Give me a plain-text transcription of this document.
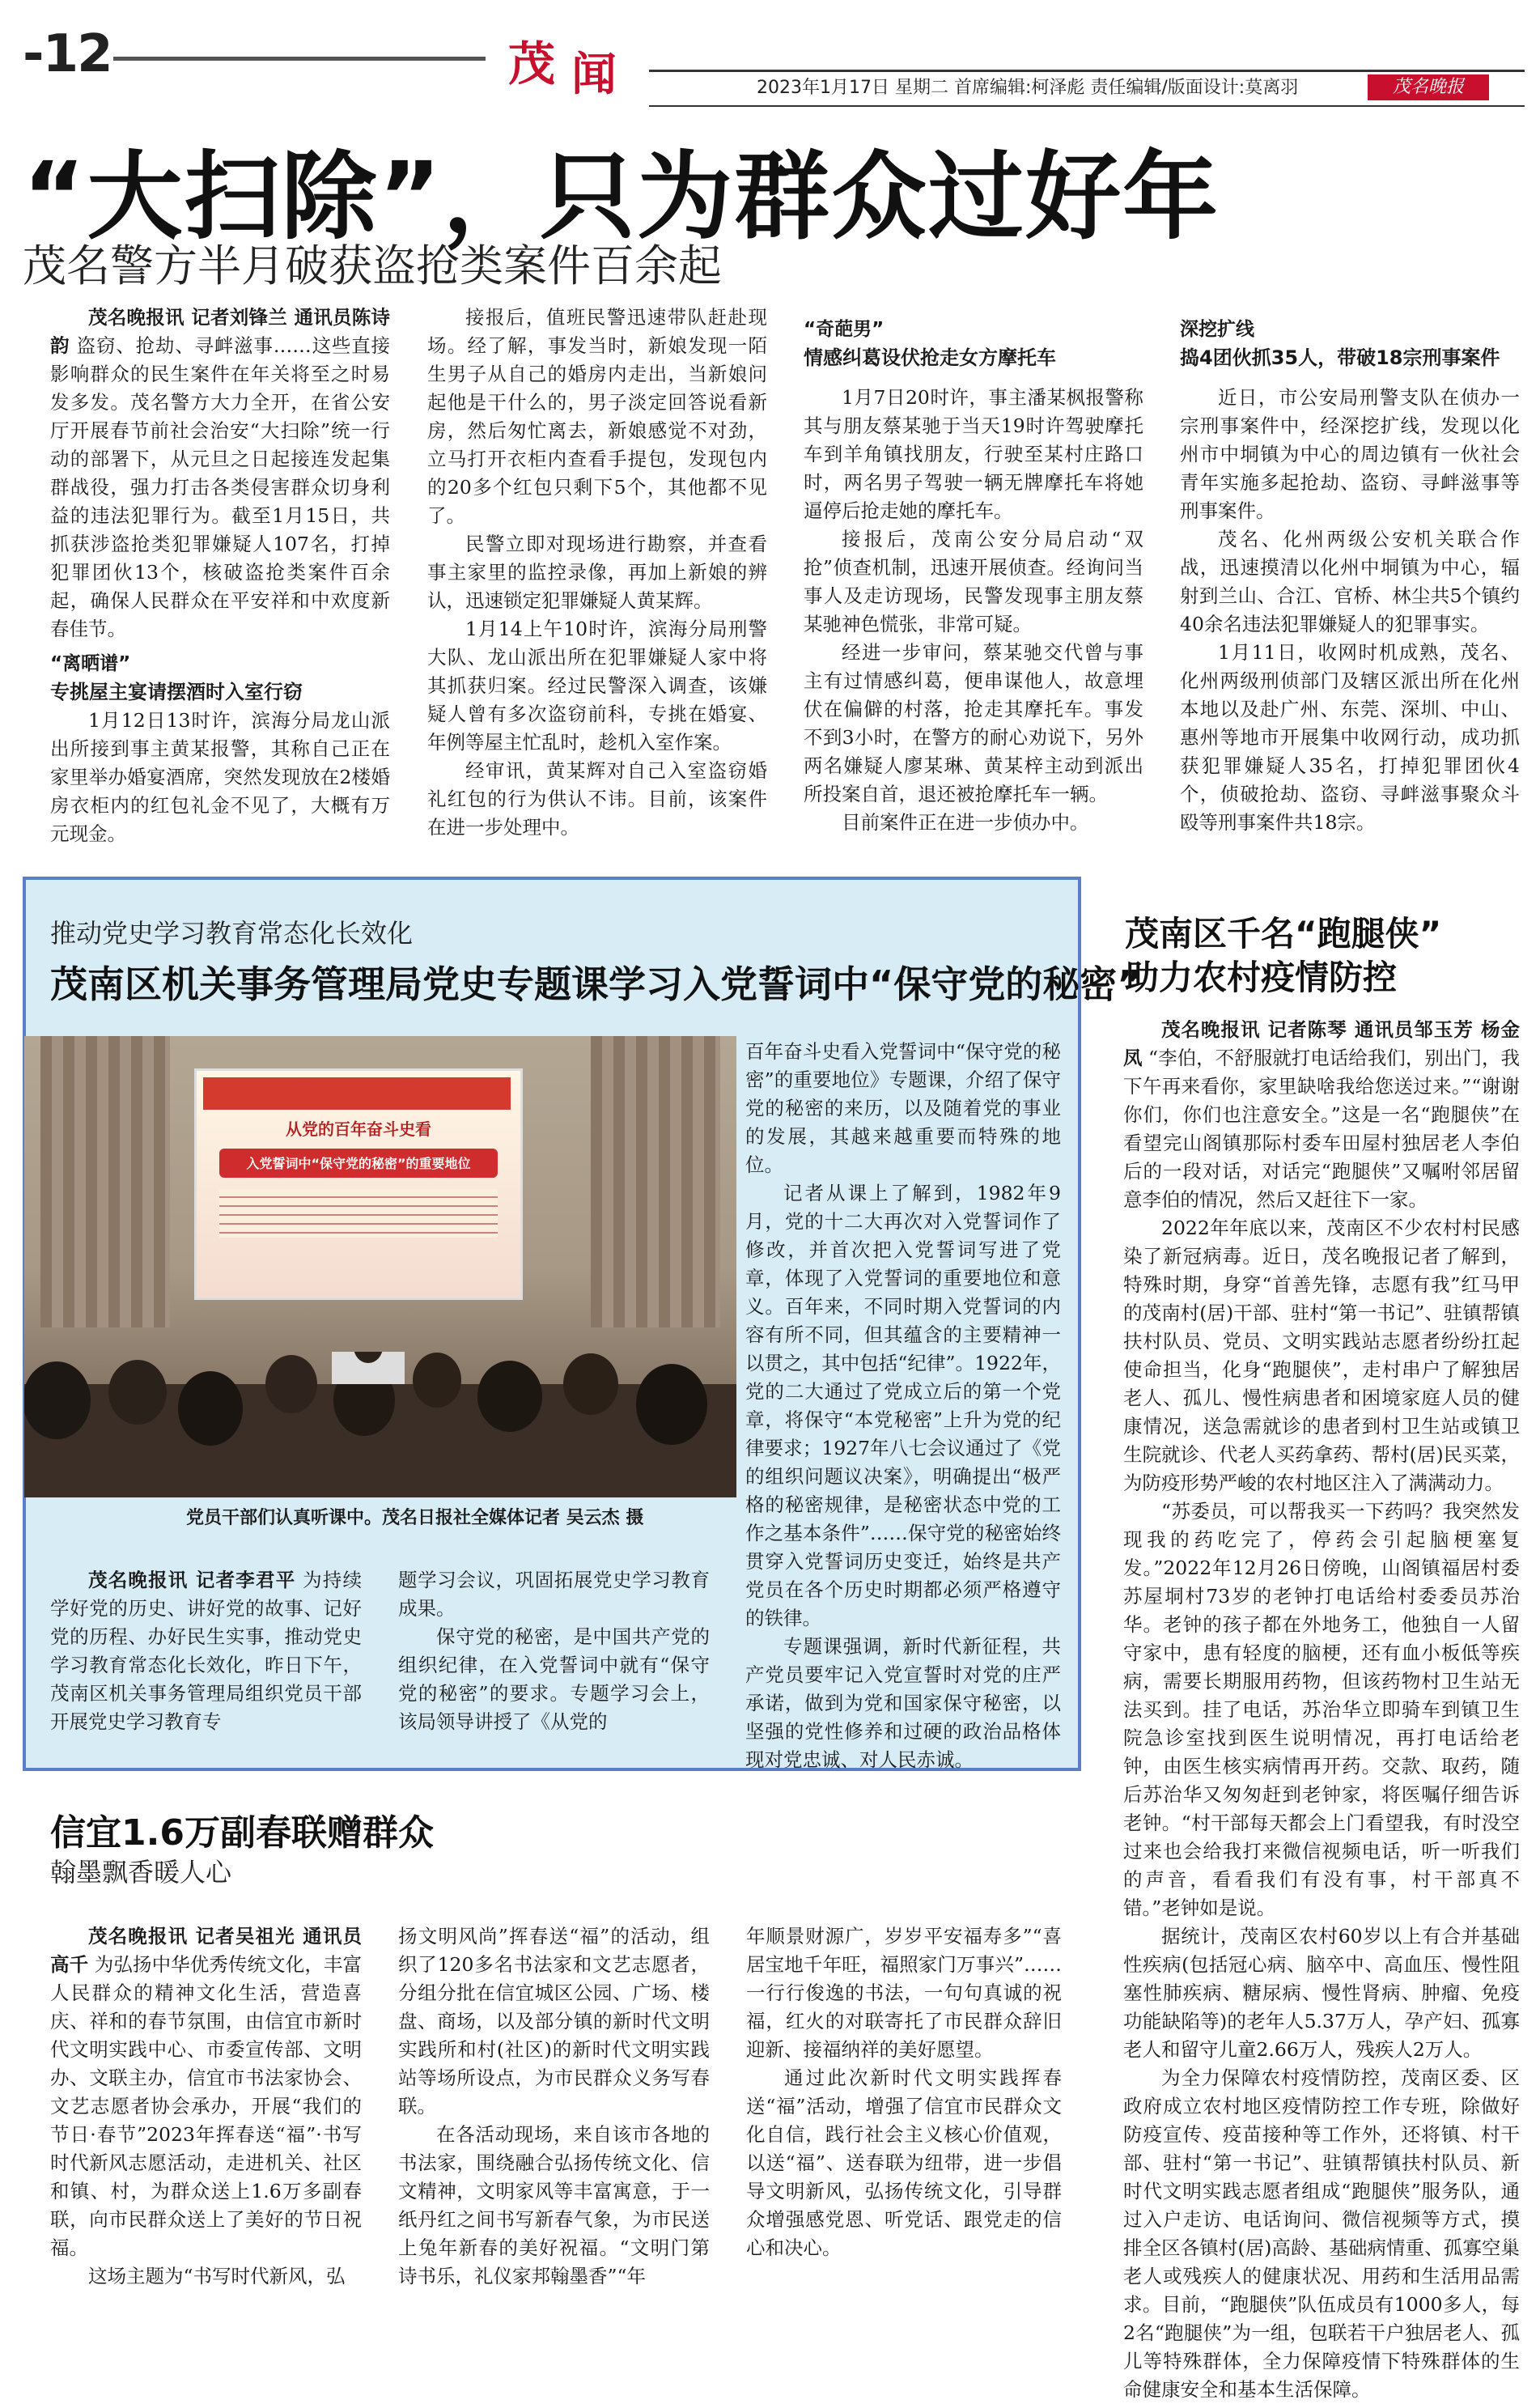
-12	茂 闻	2023年1月17日 星期二 首席编辑:柯泽彪 责任编辑/版面设计:莫离羽	茂名晚报
“大扫除”，只为群众过好年
茂名警方半月破获盗抢类案件百余起

茂名晚报讯 记者刘锋兰 通讯员陈诗韵 盗窃、抢劫、寻衅滋事……这些直接影响群众的民生案件在年关将至之时易发多发。茂名警方大力全开，在省公安厅开展春节前社会治安“大扫除”统一行动的部署下，从元旦之日起接连发起集群战役，强力打击各类侵害群众切身利益的违法犯罪行为。截至1月15日，共抓获涉盗抢类犯罪嫌疑人107名，打掉犯罪团伙13个，核破盗抢类案件百余起，确保人民群众在平安祥和中欢度新春佳节。

“离晒谱”

专挑屋主宴请摆酒时入室行窃

1月12日13时许，滨海分局龙山派出所接到事主黄某报警，其称自己正在家里举办婚宴酒席，突然发现放在2楼婚房衣柜内的红包礼金不见了，大概有万元现金。

接报后，值班民警迅速带队赶赴现场。经了解，事发当时，新娘发现一陌生男子从自己的婚房内走出，当新娘问起他是干什么的，男子淡定回答说看新房，然后匆忙离去，新娘感觉不对劲，立马打开衣柜内查看手提包，发现包内的20多个红包只剩下5个，其他都不见了。

民警立即对现场进行勘察，并查看事主家里的监控录像，再加上新娘的辨认，迅速锁定犯罪嫌疑人黄某辉。

1月14上午10时许，滨海分局刑警大队、龙山派出所在犯罪嫌疑人家中将其抓获归案。经过民警深入调查，该嫌疑人曾有多次盗窃前科，专挑在婚宴、年例等屋主忙乱时，趁机入室作案。

经审讯，黄某辉对自己入室盗窃婚礼红包的行为供认不讳。目前，该案件在进一步处理中。

“奇葩男”

情感纠葛设伏抢走女方摩托车

1月7日20时许，事主潘某枫报警称其与朋友蔡某驰于当天19时许驾驶摩托车到羊角镇找朋友，行驶至某村庄路口时，两名男子驾驶一辆无牌摩托车将她逼停后抢走她的摩托车。

接报后，茂南公安分局启动“双抢”侦查机制，迅速开展侦查。经询问当事人及走访现场，民警发现事主朋友蔡某驰神色慌张，非常可疑。

经进一步审问，蔡某驰交代曾与事主有过情感纠葛，便串谋他人，故意埋伏在偏僻的村落，抢走其摩托车。事发不到3小时，在警方的耐心劝说下，另外两名嫌疑人廖某琳、黄某梓主动到派出所投案自首，退还被抢摩托车一辆。

目前案件正在进一步侦办中。

深挖扩线

捣4团伙抓35人，带破18宗刑事案件

近日，市公安局刑警支队在侦办一宗刑事案件中，经深挖扩线，发现以化州市中垌镇为中心的周边镇有一伙社会青年实施多起抢劫、盗窃、寻衅滋事等刑事案件。

茂名、化州两级公安机关联合作战，迅速摸清以化州中垌镇为中心，辐射到兰山、合江、官桥、林尘共5个镇约40余名违法犯罪嫌疑人的犯罪事实。

1月11日，收网时机成熟，茂名、化州两级刑侦部门及辖区派出所在化州本地以及赴广州、东莞、深圳、中山、惠州等地市开展集中收网行动，成功抓获犯罪嫌疑人35名，打掉犯罪团伙4个，侦破抢劫、盗窃、寻衅滋事聚众斗殴等刑事案件共18宗。

推动党史学习教育常态化长效化
茂南区机关事务管理局党史专题课学习入党誓词中“保守党的秘密”
从党的百年奋斗史看
入党誓词中“保守党的秘密”的重要地位
党员干部们认真听课中。茂名日报社全媒体记者 吴云杰 摄

百年奋斗史看入党誓词中“保守党的秘密”的重要地位》专题课，介绍了保守党的秘密的来历，以及随着党的事业的发展，其越来越重要而特殊的地位。

记者从课上了解到，1982年9月，党的十二大再次对入党誓词作了修改，并首次把入党誓词写进了党章，体现了入党誓词的重要地位和意义。百年来，不同时期入党誓词的内容有所不同，但其蕴含的主要精神一以贯之，其中包括“纪律”。1922年，党的二大通过了党成立后的第一个党章，将保守“本党秘密”上升为党的纪律要求；1927年八七会议通过了《党的组织问题议决案》，明确提出“极严格的秘密规律，是秘密状态中党的工作之基本条件”……保守党的秘密始终贯穿入党誓词历史变迁，始终是共产党员在各个历史时期都必须严格遵守的铁律。

专题课强调，新时代新征程，共产党员要牢记入党宣誓时对党的庄严承诺，做到为党和国家保守秘密，以坚强的党性修养和过硬的政治品格体现对党忠诚、对人民赤诚。

茂名晚报讯 记者李君平 为持续学好党的历史、讲好党的故事、记好党的历程、办好民生实事，推动党史学习教育常态化长效化，昨日下午，茂南区机关事务管理局组织党员干部开展党史学习教育专

题学习会议，巩固拓展党史学习教育成果。

保守党的秘密，是中国共产党的组织纪律，在入党誓词中就有“保守党的秘密”的要求。专题学习会上，该局领导讲授了《从党的

茂南区千名“跑腿侠”
助力农村疫情防控

茂名晚报讯 记者陈琴 通讯员邹玉芳 杨金凤 “李伯，不舒服就打电话给我们，别出门，我下午再来看你，家里缺啥我给您送过来。”“谢谢你们，你们也注意安全。”这是一名“跑腿侠”在看望完山阁镇那际村委车田屋村独居老人李伯后的一段对话，对话完“跑腿侠”又嘱咐邻居留意李伯的情况，然后又赶往下一家。

2022年年底以来，茂南区不少农村村民感染了新冠病毒。近日，茂名晚报记者了解到，特殊时期，身穿“首善先锋，志愿有我”红马甲的茂南村(居)干部、驻村“第一书记”、驻镇帮镇扶村队员、党员、文明实践站志愿者纷纷扛起使命担当，化身“跑腿侠”，走村串户了解独居老人、孤儿、慢性病患者和困境家庭人员的健康情况，送急需就诊的患者到村卫生站或镇卫生院就诊、代老人买药拿药、帮村(居)民买菜，为防疫形势严峻的农村地区注入了满满动力。

“苏委员，可以帮我买一下药吗？我突然发现我的药吃完了，停药会引起脑梗塞复发。”2022年12月26日傍晚，山阁镇福居村委苏屋垌村73岁的老钟打电话给村委委员苏治华。老钟的孩子都在外地务工，他独自一人留守家中，患有轻度的脑梗，还有血小板低等疾病，需要长期服用药物，但该药物村卫生站无法买到。挂了电话，苏治华立即骑车到镇卫生院急诊室找到医生说明情况，再打电话给老钟，由医生核实病情再开药。交款、取药，随后苏治华又匆匆赶到老钟家，将医嘱仔细告诉老钟。“村干部每天都会上门看望我，有时没空过来也会给我打来微信视频电话，听一听我们的声音，看看我们有没有事，村干部真不错。”老钟如是说。

据统计，茂南区农村60岁以上有合并基础性疾病(包括冠心病、脑卒中、高血压、慢性阻塞性肺疾病、糖尿病、慢性肾病、肿瘤、免疫功能缺陷等)的老年人5.37万人，孕产妇、孤寡老人和留守儿童2.66万人，残疾人2万人。

为全力保障农村疫情防控，茂南区委、区政府成立农村地区疫情防控工作专班，除做好防疫宣传、疫苗接种等工作外，还将镇、村干部、驻村“第一书记”、驻镇帮镇扶村队员、新时代文明实践志愿者组成“跑腿侠”服务队，通过入户走访、电话询问、微信视频等方式，摸排全区各镇村(居)高龄、基础病情重、孤寡空巢老人或残疾人的健康状况、用药和生活用品需求。目前，“跑腿侠”队伍成员有1000多人，每2名“跑腿侠”为一组，包联若干户独居老人、孤儿等特殊群体，全力保障疫情下特殊群体的生命健康安全和基本生活保障。

信宜1.6万副春联赠群众
翰墨飘香暖人心

茂名晚报讯 记者吴祖光 通讯员高千 为弘扬中华优秀传统文化，丰富人民群众的精神文化生活，营造喜庆、祥和的春节氛围，由信宜市新时代文明实践中心、市委宣传部、文明办、文联主办，信宜市书法家协会、文艺志愿者协会承办，开展“我们的节日·春节”2023年挥春送“福”·书写时代新风志愿活动，走进机关、社区和镇、村，为群众送上1.6万多副春联，向市民群众送上了美好的节日祝福。

这场主题为“书写时代新风，弘

扬文明风尚”挥春送“福”的活动，组织了120多名书法家和文艺志愿者，分组分批在信宜城区公园、广场、楼盘、商场，以及部分镇的新时代文明实践所和村(社区)的新时代文明实践站等场所设点，为市民群众义务写春联。

在各活动现场，来自该市各地的书法家，围绕融合弘扬传统文化、信文精神，文明家风等丰富寓意，于一纸丹红之间书写新春气象，为市民送上兔年新春的美好祝福。“文明门第诗书乐，礼仪家邦翰墨香”“年

年顺景财源广，岁岁平安福寿多”“喜居宝地千年旺，福照家门万事兴”……一行行俊逸的书法，一句句真诚的祝福，红火的对联寄托了市民群众辞旧迎新、接福纳祥的美好愿望。

通过此次新时代文明实践挥春送“福”活动，增强了信宜市民群众文化自信，践行社会主义核心价值观，以送“福”、送春联为纽带，进一步倡导文明新风，弘扬传统文化，引导群众增强感党恩、听党话、跟党走的信心和决心。
